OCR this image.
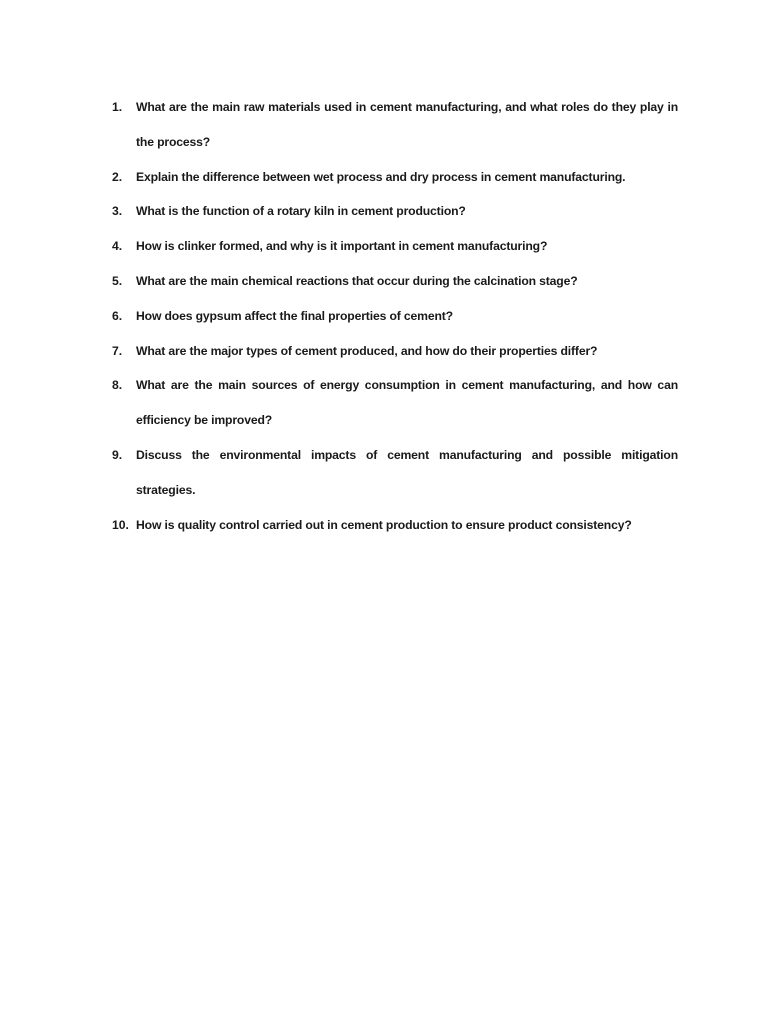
1.	What are the main raw materials used in cement manufacturing, and what roles do they play in the process?
2.	Explain the difference between wet process and dry process in cement manufacturing.
3.	What is the function of a rotary kiln in cement production?
4.	How is clinker formed, and why is it important in cement manufacturing?
5.	What are the main chemical reactions that occur during the calcination stage?
6.	How does gypsum affect the final properties of cement?
7.	What are the major types of cement produced, and how do their properties differ?
8.	What are the main sources of energy consumption in cement manufacturing, and how can efficiency be improved?
9.	Discuss the environmental impacts of cement manufacturing and possible mitigation strategies.
10. How is quality control carried out in cement production to ensure product consistency?
